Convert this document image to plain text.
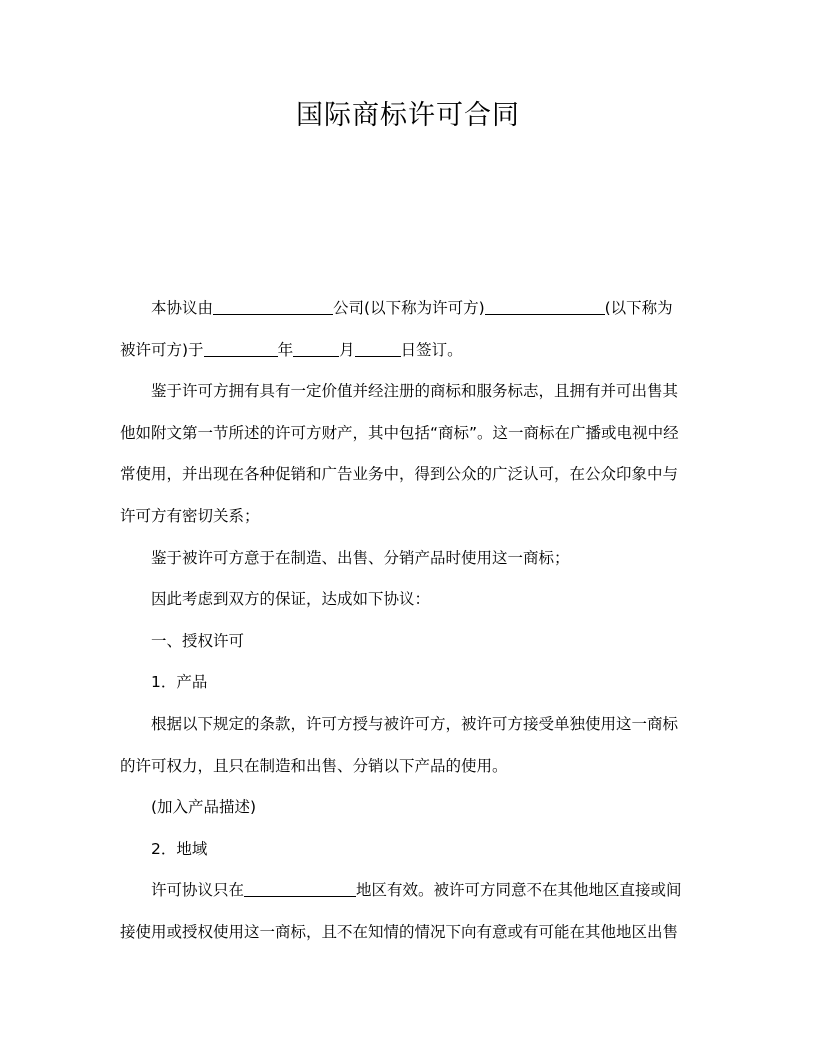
国际商标许可合同
本协议由	公司(以下称为许可方)	(以下称为
被许可方)于	年	月	日签订。
鉴于许可方拥有具有一定价值并经注册的商标和服务标志，且拥有并可出售其
他如附文第一节所述的许可方财产，其中包括“商标”。这一商标在广播或电视中经
常使用，并出现在各种促销和广告业务中，得到公众的广泛认可，在公众印象中与
许可方有密切关系；
鉴于被许可方意于在制造、出售、分销产品时使用这一商标；
因此考虑到双方的保证，达成如下协议：
一、授权许可
1．产品
根据以下规定的条款，许可方授与被许可方，被许可方接受单独使用这一商标
的许可权力，且只在制造和出售、分销以下产品的使用。
(加入产品描述)
2．地域
许可协议只在	地区有效。被许可方同意不在其他地区直接或间
接使用或授权使用这一商标，且不在知情的情况下向有意或有可能在其他地区出售
